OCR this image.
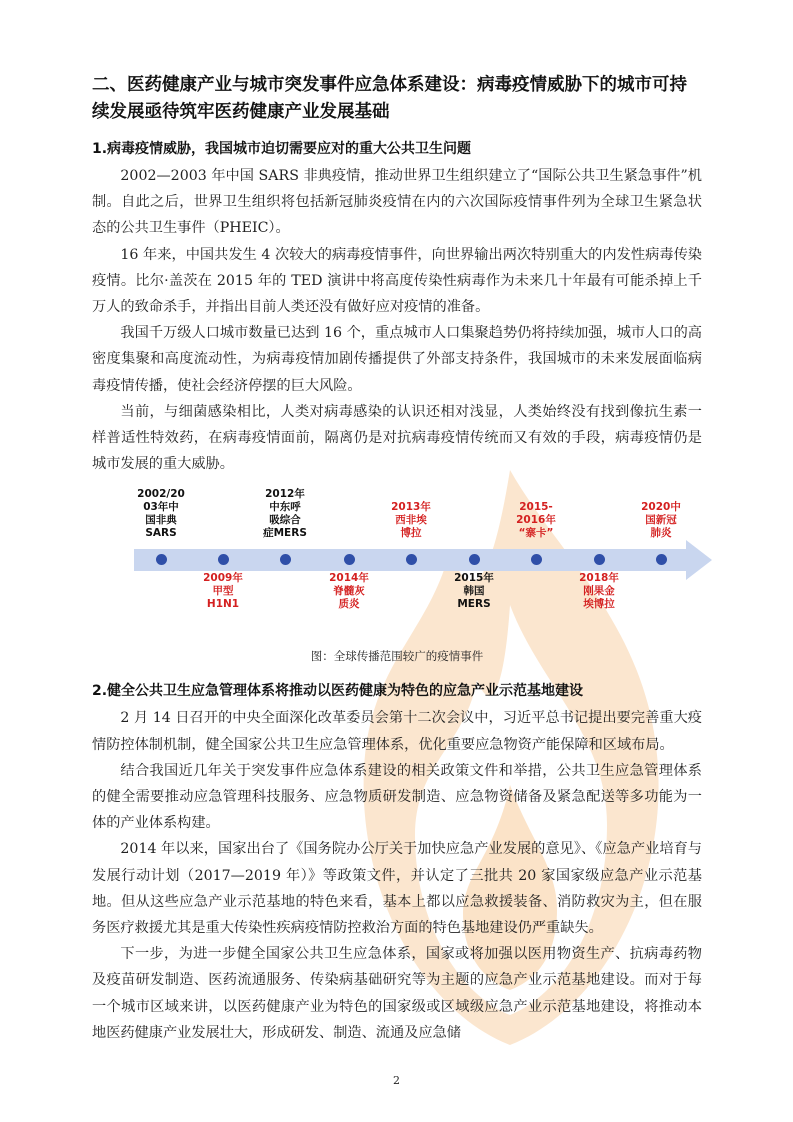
二、医药健康产业与城市突发事件应急体系建设：病毒疫情威胁下的城市可持续发展亟待筑牢医药健康产业发展基础
1.病毒疫情威胁，我国城市迫切需要应对的重大公共卫生问题

2002—2003 年中国 SARS 非典疫情，推动世界卫生组织建立了“国际公共卫生紧急事件”机制。自此之后，世界卫生组织将包括新冠肺炎疫情在内的六次国际疫情事件列为全球卫生紧急状态的公共卫生事件（PHEIC）。

16 年来，中国共发生 4 次较大的病毒疫情事件，向世界输出两次特别重大的内发性病毒传染疫情。比尔·盖茨在 2015 年的 TED 演讲中将高度传染性病毒作为未来几十年最有可能杀掉上千万人的致命杀手，并指出目前人类还没有做好应对疫情的准备。

我国千万级人口城市数量已达到 16 个，重点城市人口集聚趋势仍将持续加强，城市人口的高密度集聚和高度流动性，为病毒疫情加剧传播提供了外部支持条件，我国城市的未来发展面临病毒疫情传播，使社会经济停摆的巨大风险。

当前，与细菌感染相比，人类对病毒感染的认识还相对浅显，人类始终没有找到像抗生素一样普适性特效药，在病毒疫情面前，隔离仍是对抗病毒疫情传统而又有效的手段，病毒疫情仍是城市发展的重大威胁。

2002/20
03年中
国非典
SARS
2012年
中东呼
吸综合
症MERS
2013年
西非埃
博拉
2015-
2016年
“寨卡”
2020中
国新冠
肺炎
2009年
甲型
H1N1
2014年
脊髓灰
质炎
2015年
韩国
MERS
2018年
刚果金
埃博拉
图：全球传播范围较广的疫情事件
2.健全公共卫生应急管理体系将推动以医药健康为特色的应急产业示范基地建设

2 月 14 日召开的中央全面深化改革委员会第十二次会议中，习近平总书记提出要完善重大疫情防控体制机制，健全国家公共卫生应急管理体系，优化重要应急物资产能保障和区域布局。

结合我国近几年关于突发事件应急体系建设的相关政策文件和举措，公共卫生应急管理体系的健全需要推动应急管理科技服务、应急物质研发制造、应急物资储备及紧急配送等多功能为一体的产业体系构建。

2014 年以来，国家出台了《国务院办公厅关于加快应急产业发展的意见》、《应急产业培育与发展行动计划（2017—2019 年）》等政策文件，并认定了三批共 20 家国家级应急产业示范基地。但从这些应急产业示范基地的特色来看，基本上都以应急救援装备、消防救灾为主，但在服务医疗救援尤其是重大传染性疾病疫情防控救治方面的特色基地建设仍严重缺失。

下一步，为进一步健全国家公共卫生应急体系，国家或将加强以医用物资生产、抗病毒药物及疫苗研发制造、医药流通服务、传染病基础研究等为主题的应急产业示范基地建设。而对于每一个城市区域来讲，以医药健康产业为特色的国家级或区域级应急产业示范基地建设，将推动本地医药健康产业发展壮大，形成研发、制造、流通及应急储

2
